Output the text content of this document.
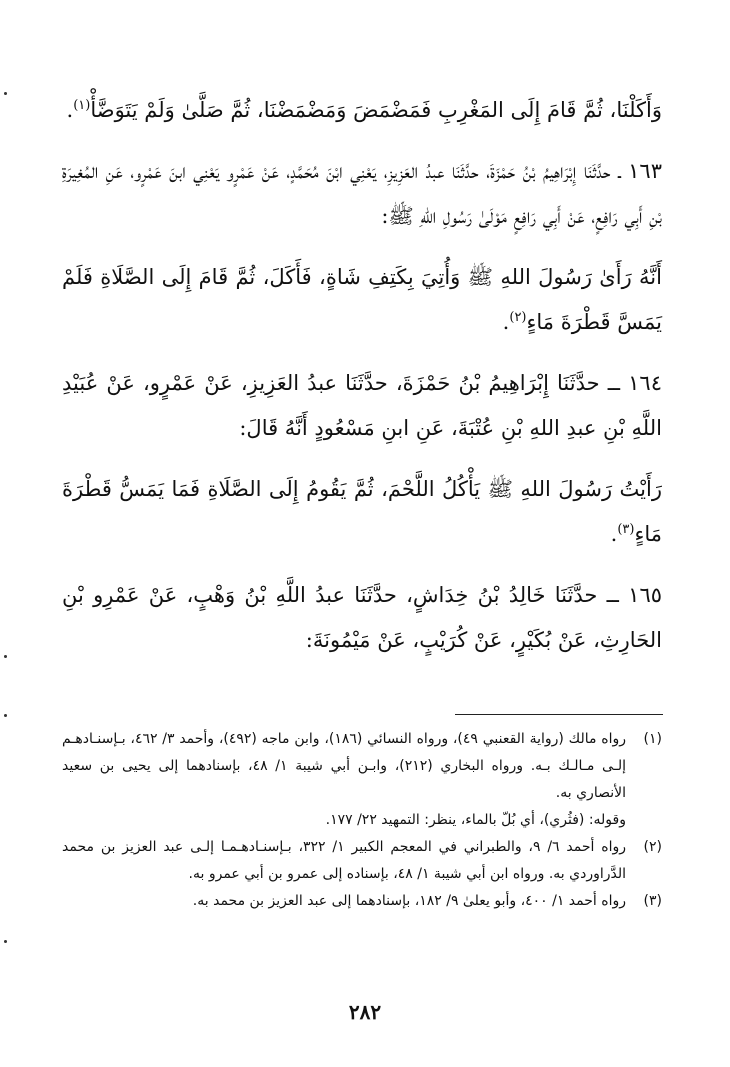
وَأَكَلْنَا، ثُمَّ قَامَ إِلَى المَغْرِبِ فَمَضْمَضَ وَمَضْمَضْنَا، ثُمَّ صَلَّىٰ وَلَمْ يَتَوَضَّأْ$^{(١)}$.

١٦٣ ـ حدَّثَنَا إِبْرَاهِيمُ بْنُ حَمْزَةَ، حدَّثَنَا عبدُ العَزِيزِ، يَعْنِي ابْنَ مُحَمَّدٍ، عَنْ عَمْرٍو يَعْنِي ابنَ عَمْرٍو، عَنِ المُغِيرَةِ بْنِ أَبِي رَافِعٍ، عَنْ أَبِي رَافِعٍ مَوْلَىٰ رَسُولِ اللهِ ﷺ:

أَنَّهُ رَأَىٰ رَسُولَ اللهِ ﷺ وَأُتِيَ بِكَتِفِ شَاةٍ، فَأَكَلَ، ثُمَّ قَامَ إِلَى الصَّلَاةِ فَلَمْ يَمَسَّ قَطْرَةَ مَاءٍ$^{(٢)}$.

١٦٤ ــ حدَّثَنَا إِبْرَاهِيمُ بْنُ حَمْزَةَ، حدَّثَنَا عبدُ العَزِيزِ، عَنْ عَمْرٍو، عَنْ عُبَيْدِ اللَّهِ بْنِ عبدِ اللهِ بْنِ عُتْبَةَ، عَنِ ابنِ مَسْعُودٍ أَنَّهُ قَالَ:

رَأَيْتُ رَسُولَ اللهِ ﷺ يَأْكُلُ اللَّحْمَ، ثُمَّ يَقُومُ إِلَى الصَّلَاةِ فَمَا يَمَسُّ قَطْرَةَ مَاءٍ$^{(٣)}$.

١٦٥ ــ حدَّثَنَا خَالِدُ بْنُ خِدَاشٍ، حدَّثَنَا عبدُ اللَّهِ بْنُ وَهْبٍ، عَنْ عَمْرِو بْنِ الحَارِثِ، عَنْ بُكَيْرٍ، عَنْ كُرَيْبٍ، عَنْ مَيْمُونَةَ:

(١)
رواه مالك (رواية القعنبي ٤٩)، ورواه النسائي (١٨٦)، وابن ماجه (٤٩٢)، وأحمد ٣/ ٤٦٢، بـإسنـادهـم إلـى مـالـك بـه. ورواه البخاري (٢١٢)، وابـن أبي شيبة ١/ ٤٨، بإسنادهما إلى يحيى بن سعيد الأنصاري به.
وقوله: (فثُري)، أي بُلّ بالماء، ينظر: التمهيد ٢٢/ ١٧٧.

(٢)
رواه أحمد ٦/ ٩، والطبراني في المعجم الكبير ١/ ٣٢٢، بـإسنـادهـمـا إلـى عبد العزيز بن محمد الدَّراوردي به. ورواه ابن أبي شيبة ١/ ٤٨، بإسناده إلى عمرو بن أبي عمرو به.

(٣)
رواه أحمد ١/ ٤٠٠، وأبو يعلىٰ ٩/ ١٨٢، بإسنادهما إلى عبد العزيز بن محمد به.

٢٨٢
